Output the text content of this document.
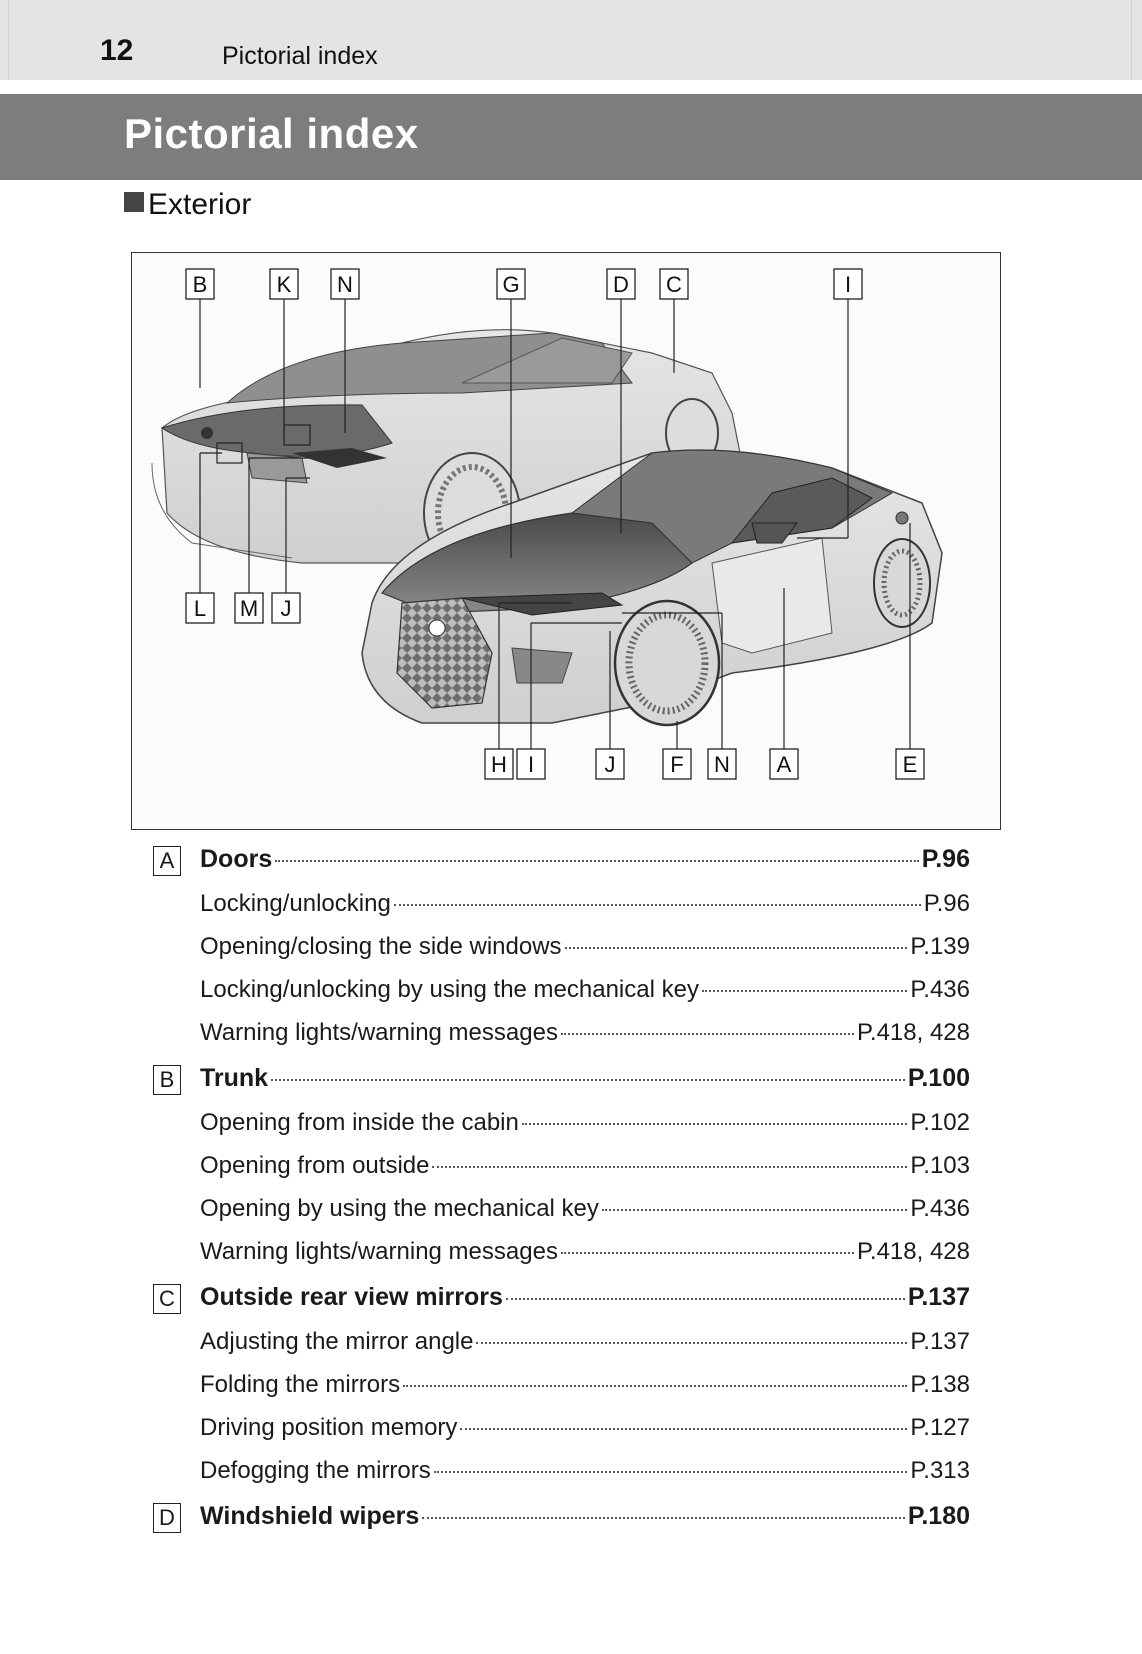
12	Pictorial index
Pictorial index
Exterior
B	K N	G	D C	I
L M J
H I	J F N A	E
A Doors	P.96
Locking/unlocking	P.96
Opening/closing the side windows	P.139
Locking/unlocking by using the mechanical key	P.436
Warning lights/warning messages	P.418, 428
B Trunk	P.100
Opening from inside the cabin	P.102
Opening from outside	P.103
Opening by using the mechanical key	P.436
Warning lights/warning messages	P.418, 428
C Outside rear view mirrors	P.137
Adjusting the mirror angle	P.137
Folding the mirrors	P.138
Driving position memory	P.127
Defogging the mirrors	P.313
D Windshield wipers	P.180
